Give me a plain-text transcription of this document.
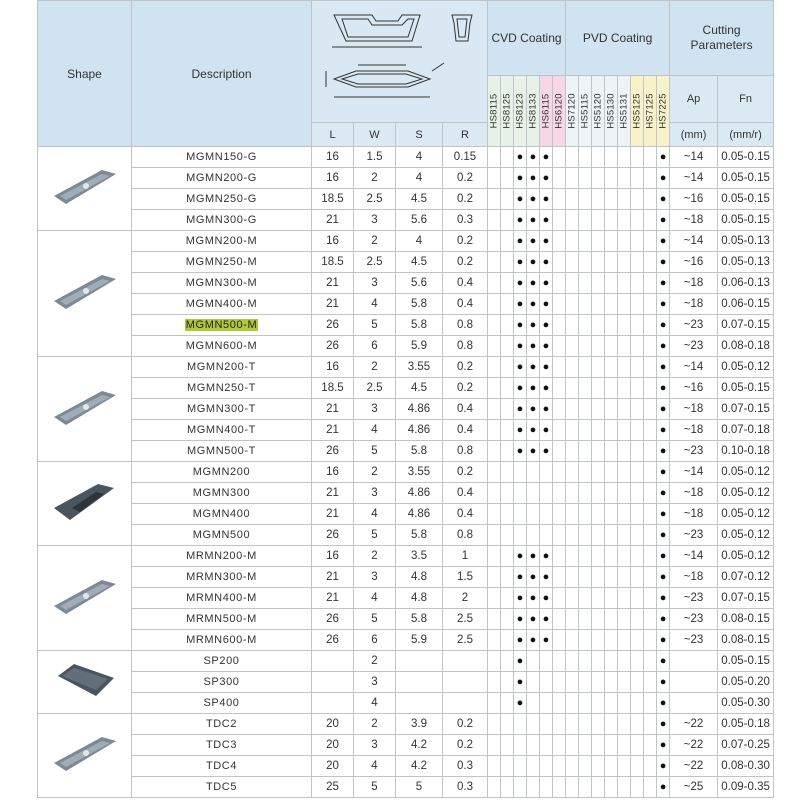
Shape	Description					CVD Coating						PVD Coating								Cutting Parameters	

						HS8115	HS8125	HS8123	HS8133	HS6115	HS6120	HS7120	HS5115	HS5120	HS5130	HS5131	HS5125	HS7125	HS7225	Ap	Fn
		L	W	S	R															(mm)	(mm/r)
	MGMN150-G	16	1.5	4	0.15			●	●	●									●	~14	0.05-0.15
	MGMN200-G	16	2	4	0.2			●	●	●									●	~14	0.05-0.15
	MGMN250-G	18.5	2.5	4.5	0.2			●	●	●									●	~16	0.05-0.15
	MGMN300-G	21	3	5.6	0.3			●	●	●									●	~18	0.05-0.15
	MGMN200-M	16	2	4	0.2			●	●	●									●	~14	0.05-0.13
	MGMN250-M	18.5	2.5	4.5	0.2			●	●	●									●	~16	0.05-0.13
	MGMN300-M	21	3	5.6	0.4			●	●	●									●	~18	0.06-0.13
	MGMN400-M	21	4	5.8	0.4			●	●	●									●	~18	0.06-0.15
	MGMN500-M	26	5	5.8	0.8			●	●	●									●	~23	0.07-0.15
	MGMN600-M	26	6	5.9	0.8			●	●	●									●	~23	0.08-0.18
	MGMN200-T	16	2	3.55	0.2			●	●	●									●	~14	0.05-0.12
	MGMN250-T	18.5	2.5	4.5	0.2			●	●	●									●	~16	0.05-0.15
	MGMN300-T	21	3	4.86	0.4			●	●	●									●	~18	0.07-0.15
	MGMN400-T	21	4	4.86	0.4			●	●	●									●	~18	0.07-0.18
	MGMN500-T	26	5	5.8	0.8			●	●	●									●	~23	0.10-0.18
	MGMN200	16	2	3.55	0.2														●	~14	0.05-0.12
	MGMN300	21	3	4.86	0.4														●	~18	0.05-0.12
	MGMN400	21	4	4.86	0.4														●	~18	0.05-0.12
	MGMN500	26	5	5.8	0.8														●	~23	0.05-0.12
	MRMN200-M	16	2	3.5	1			●	●	●									●	~14	0.05-0.12
	MRMN300-M	21	3	4.8	1.5			●	●	●									●	~18	0.07-0.12
	MRMN400-M	21	4	4.8	2			●	●	●									●	~23	0.07-0.15
	MRMN500-M	26	5	5.8	2.5			●	●	●									●	~23	0.08-0.15
	MRMN600-M	26	6	5.9	2.5			●	●	●									●	~23	0.08-0.15
	SP200		2					●											●		0.05-0.15
	SP300		3					●											●		0.05-0.20
	SP400		4					●											●		0.05-0.30
	TDC2	20	2	3.9	0.2														●	~22	0.05-0.18
	TDC3	20	3	4.2	0.2														●	~22	0.07-0.25
	TDC4	20	4	4.2	0.3														●	~22	0.08-0.30
	TDC5	25	5	5	0.3														●	~25	0.09-0.35
